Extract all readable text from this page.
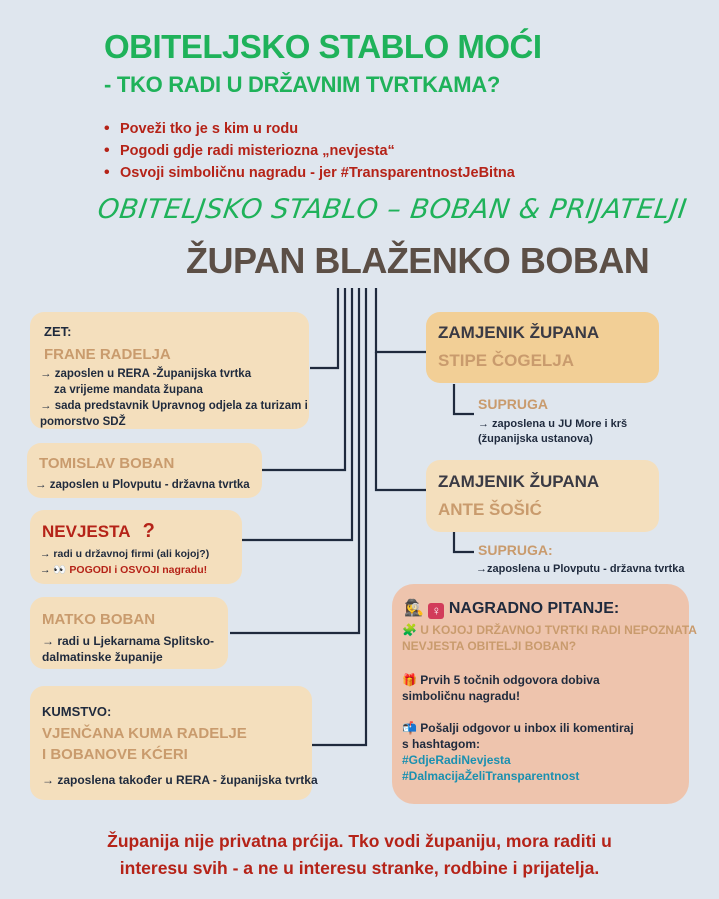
OBITELJSKO STABLO MOĆI
- TKO RADI U DRŽAVNIM TVRTKAMA?
• Poveži tko je s kim u rodu
• Pogodi gdje radi misteriozna „nevjesta“
• Osvoji simboličnu nagradu - jer #TransparentnostJeBitna
OBITELJSKO STABLO – BOBAN & PRIJATELJI
ŽUPAN BLAŽENKO BOBAN
ZET:
FRANE RADELJA
→ zaposlen u RERA -Županijska tvrtka
za vrijeme mandata župana
→ sada predstavnik Upravnog odjela za turizam i
pomorstvo SDŽ
TOMISLAV BOBAN
→ zaposlen u Plovputu - državna tvrtka
NEVJESTA ?
→ radi u državnoj firmi (ali kojoj?)
→ 👀 POGODI i OSVOJI nagradu!
MATKO BOBAN
→ radi u Ljekarnama Splitsko-
dalmatinske županije
KUMSTVO:
VJENČANA KUMA RADELJE
I BOBANOVE KĆERI
→ zaposlena također u RERA - županijska tvrtka
ZAMJENIK ŽUPANA
STIPE ČOGELJA
SUPRUGA
→ zaposlena u JU More i krš
(županijska ustanova)
ZAMJENIK ŽUPANA
ANTE ŠOŠIĆ
SUPRUGA:
→zaposlena u Plovputu - državna tvrtka
🕵️‍♀️ ♀ NAGRADNO PITANJE:
🧩 U KOJOJ DRŽAVNOJ TVRTKI RADI NEPOZNATA
NEVJESTA OBITELJI BOBAN?
🎁 Prvih 5 točnih odgovora dobiva
simboličnu nagradu!
📬 Pošalji odgovor u inbox ili komentiraj
s hashtagom:
#GdjeRadiNevjesta
#DalmacijaŽeliTransparentnost
Županija nije privatna prćija. Tko vodi županiju, mora raditi u
interesu svih - a ne u interesu stranke, rodbine i prijatelja.
